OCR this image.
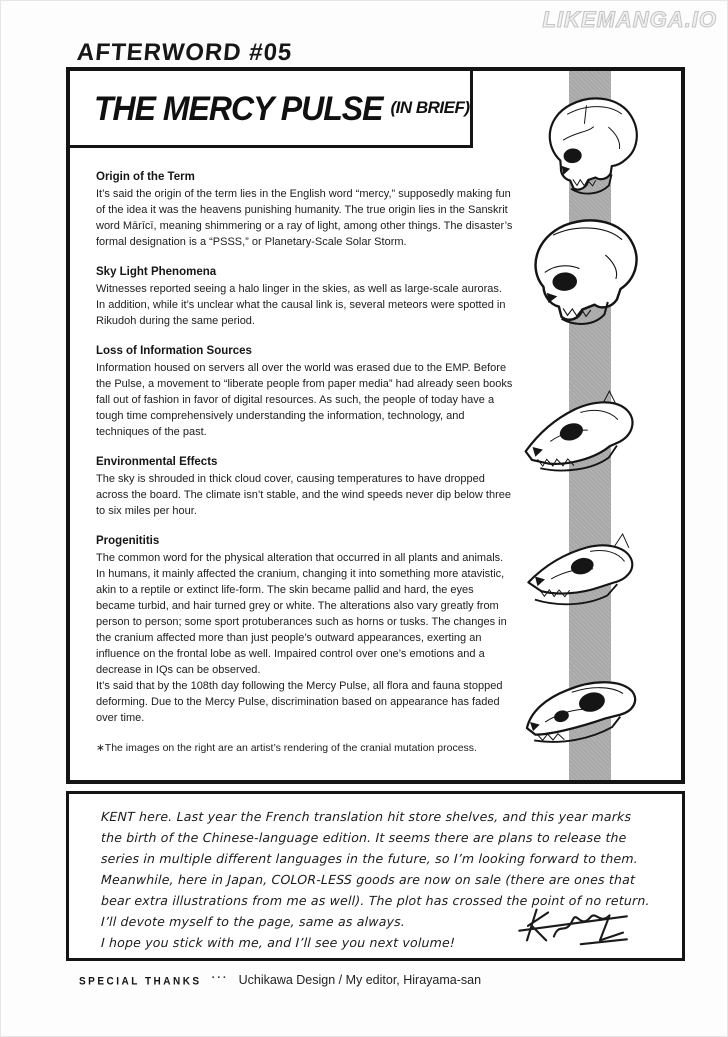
LIKEMANGA.IO
AFTERWORD #05
THE MERCY PULSE (IN BRIEF)
Origin of the Term

It’s said the origin of the term lies in the English word “mercy,” supposedly making fun of the idea it was the heavens punishing humanity. The true origin lies in the Sanskrit word Mārīcī, meaning shimmering or a ray of light, among other things. The disaster’s formal designation is a “PSSS,” or Planetary-Scale Solar Storm.

Sky Light Phenomena

Witnesses reported seeing a halo linger in the skies, as well as large-scale auroras. In addition, while it’s unclear what the causal link is, several meteors were spotted in Rikudoh during the same period.

Loss of Information Sources

Information housed on servers all over the world was erased due to the EMP. Before the Pulse, a movement to “liberate people from paper media” had already seen books fall out of fashion in favor of digital resources. As such, the people of today have a tough time comprehensively understanding the information, technology, and techniques of the past.

Environmental Effects

The sky is shrouded in thick cloud cover, causing temperatures to have dropped across the board. The climate isn’t stable, and the wind speeds never dip below three to six miles per hour.

Progenititis

The common word for the physical alteration that occurred in all plants and animals. In humans, it mainly affected the cranium, changing it into something more atavistic, akin to a reptile or extinct life-form. The skin became pallid and hard, the eyes became turbid, and hair turned grey or white. The alterations also vary greatly from person to person; some sport protuberances such as horns or tusks. The changes in the cranium affected more than just people’s outward appearances, exerting an influence on the frontal lobe as well. Impaired control over one’s emotions and a decrease in IQs can be observed.

It’s said that by the 108th day following the Mercy Pulse, all flora and fauna stopped deforming. Due to the Mercy Pulse, discrimination based on appearance has faded over time.

∗The images on the right are an artist’s rendering of the cranial mutation process.

KENT here. Last year the French translation hit store shelves, and this year marks
the birth of the Chinese-language edition. It seems there are plans to release the
series in multiple different languages in the future, so I’m looking forward to them.
Meanwhile, here in Japan, COLOR-LESS goods are now on sale (there are ones that
bear extra illustrations from me as well). The plot has crossed the point of no return.
I’ll devote myself to the page, same as always.
I hope you stick with me, and I’ll see you next volume!
SPECIAL THANKS ··· Uchikawa Design / My editor, Hirayama-san
